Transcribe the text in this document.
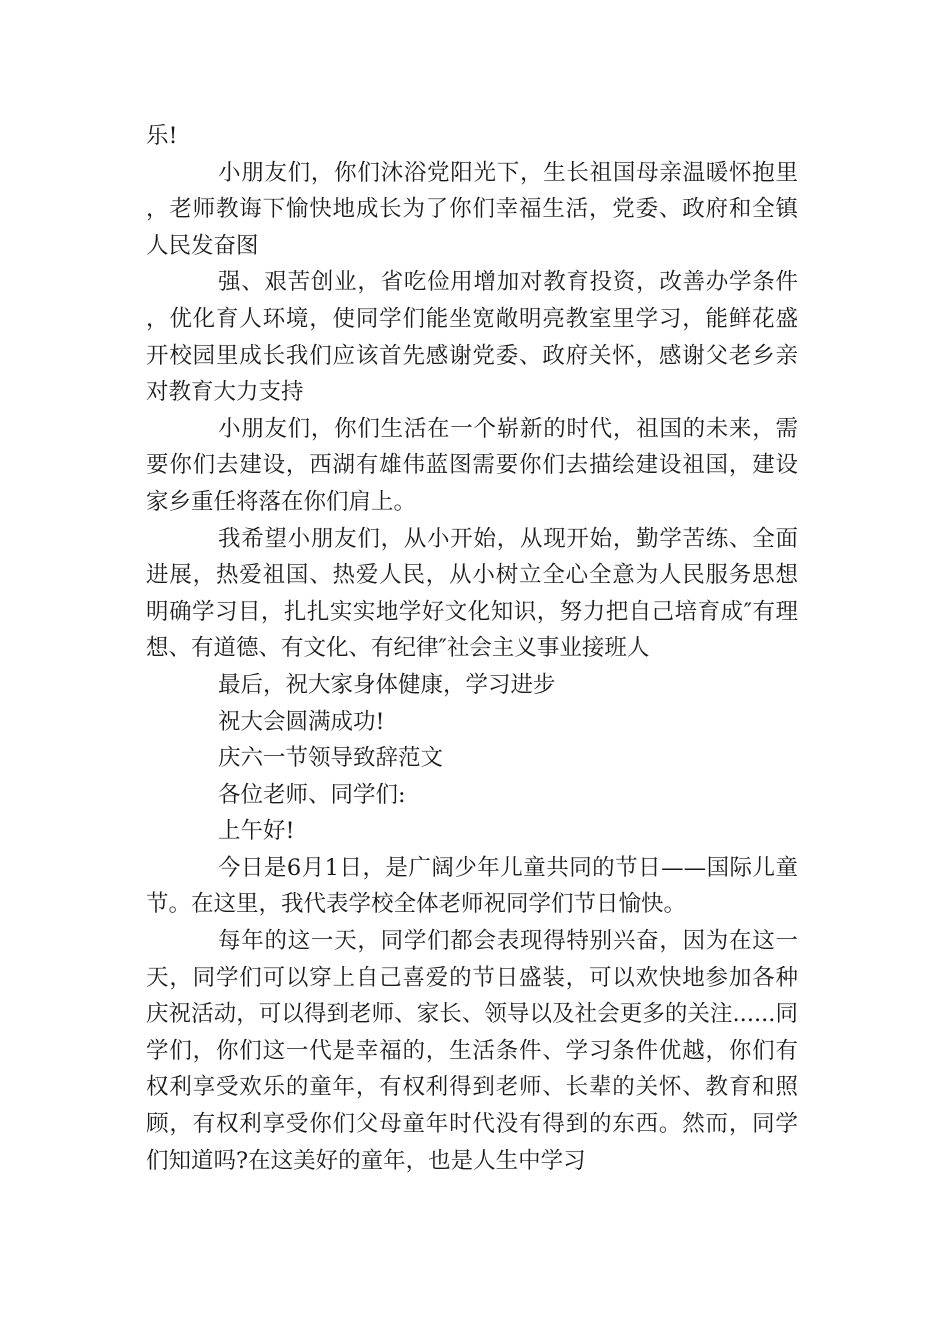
乐!

小朋友们，你们沐浴党阳光下，生长祖国母亲温暖怀抱里，老师教诲下愉快地成长为了你们幸福生活，党委、政府和全镇人民发奋图

强、艰苦创业，省吃俭用增加对教育投资，改善办学条件，优化育人环境，使同学们能坐宽敞明亮教室里学习，能鲜花盛开校园里成长我们应该首先感谢党委、政府关怀，感谢父老乡亲对教育大力支持

小朋友们，你们生活在一个崭新的时代，祖国的未来，需要你们去建设，西湖有雄伟蓝图需要你们去描绘建设祖国，建设家乡重任将落在你们肩上。

我希望小朋友们，从小开始，从现开始，勤学苦练、全面进展，热爱祖国、热爱人民，从小树立全心全意为人民服务思想明确学习目，扎扎实实地学好文化知识，努力把自己培育成″有理想、有道德、有文化、有纪律″社会主义事业接班人

最后，祝大家身体健康，学习进步

祝大会圆满成功!

庆六一节领导致辞范文

各位老师、同学们:

上午好!

今日是6月1日，是广阔少年儿童共同的节日——国际儿童节。在这里，我代表学校全体老师祝同学们节日愉快。

每年的这一天，同学们都会表现得特别兴奋，因为在这一天，同学们可以穿上自己喜爱的节日盛装，可以欢快地参加各种庆祝活动，可以得到老师、家长、领导以及社会更多的关注......同学们，你们这一代是幸福的，生活条件、学习条件优越，你们有权利享受欢乐的童年，有权利得到老师、长辈的关怀、教育和照顾，有权利享受你们父母童年时代没有得到的东西。然而，同学们知道吗?在这美好的童年，也是人生中学习
